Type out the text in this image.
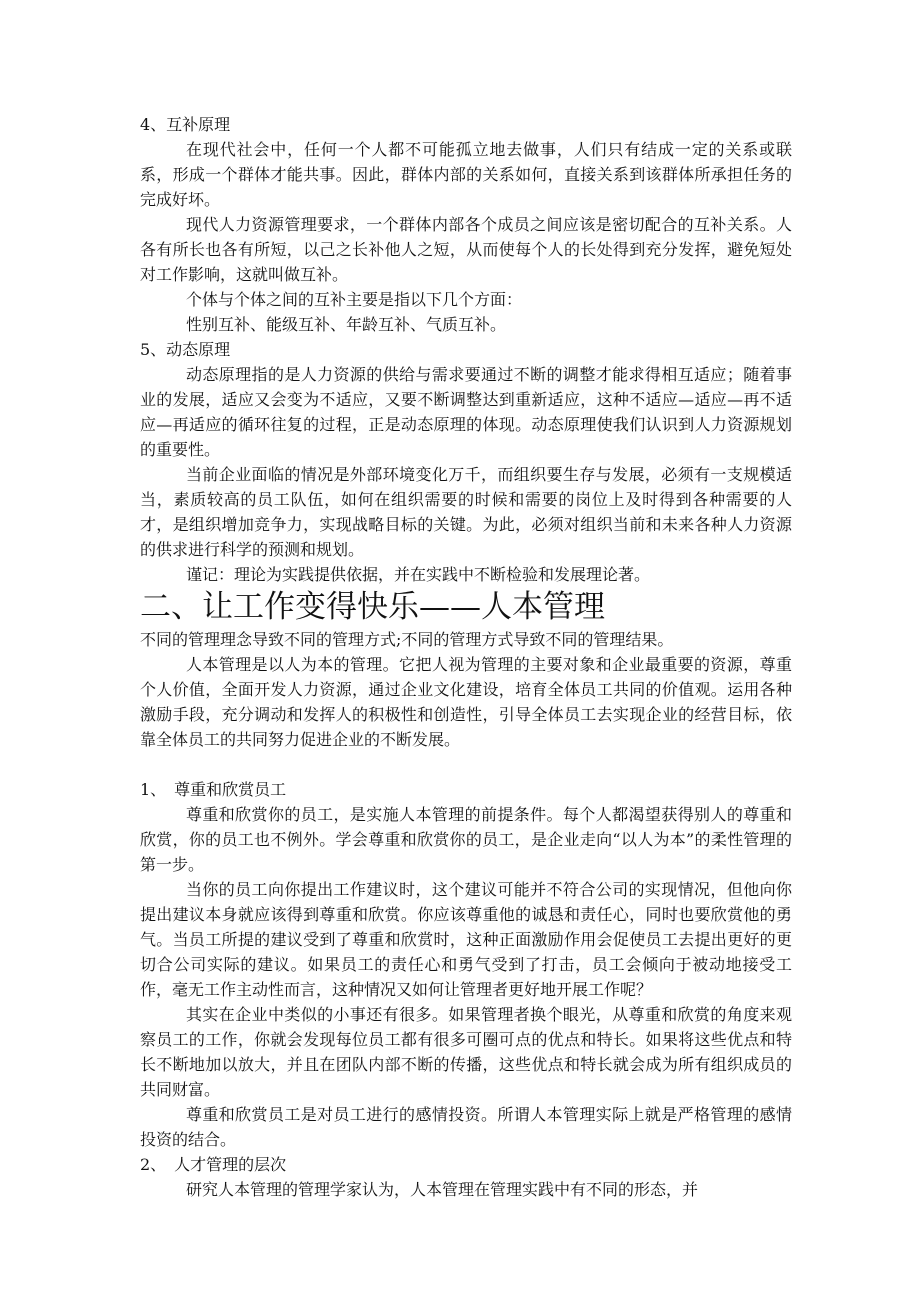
4、互补原理

在现代社会中，任何一个人都不可能孤立地去做事，人们只有结成一定的关系或联系，形成一个群体才能共事。因此，群体内部的关系如何，直接关系到该群体所承担任务的完成好坏。

现代人力资源管理要求，一个群体内部各个成员之间应该是密切配合的互补关系。人各有所长也各有所短，以己之长补他人之短，从而使每个人的长处得到充分发挥，避免短处对工作影响，这就叫做互补。

个体与个体之间的互补主要是指以下几个方面：

性别互补、能级互补、年龄互补、气质互补。

5、动态原理

动态原理指的是人力资源的供给与需求要通过不断的调整才能求得相互适应；随着事业的发展，适应又会变为不适应，又要不断调整达到重新适应，这种不适应—适应—再不适应—再适应的循环往复的过程，正是动态原理的体现。动态原理使我们认识到人力资源规划的重要性。

当前企业面临的情况是外部环境变化万千，而组织要生存与发展，必须有一支规模适当，素质较高的员工队伍，如何在组织需要的时候和需要的岗位上及时得到各种需要的人才，是组织增加竞争力，实现战略目标的关键。为此，必须对组织当前和未来各种人力资源的供求进行科学的预测和规划。

谨记：理论为实践提供依据，并在实践中不断检验和发展理论著。

二、让工作变得快乐——人本管理

不同的管理理念导致不同的管理方式;不同的管理方式导致不同的管理结果。

人本管理是以人为本的管理。它把人视为管理的主要对象和企业最重要的资源，尊重个人价值，全面开发人力资源，通过企业文化建设，培育全体员工共同的价值观。运用各种激励手段，充分调动和发挥人的积极性和创造性，引导全体员工去实现企业的经营目标，依靠全体员工的共同努力促进企业的不断发展。

1、　尊重和欣赏员工

尊重和欣赏你的员工，是实施人本管理的前提条件。每个人都渴望获得别人的尊重和欣赏，你的员工也不例外。学会尊重和欣赏你的员工，是企业走向“以人为本”的柔性管理的第一步。

当你的员工向你提出工作建议时，这个建议可能并不符合公司的实现情况，但他向你提出建议本身就应该得到尊重和欣赏。你应该尊重他的诚恳和责任心，同时也要欣赏他的勇气。当员工所提的建议受到了尊重和欣赏时，这种正面激励作用会促使员工去提出更好的更切合公司实际的建议。如果员工的责任心和勇气受到了打击，员工会倾向于被动地接受工作，毫无工作主动性而言，这种情况又如何让管理者更好地开展工作呢？

其实在企业中类似的小事还有很多。如果管理者换个眼光，从尊重和欣赏的角度来观察员工的工作，你就会发现每位员工都有很多可圈可点的优点和特长。如果将这些优点和特长不断地加以放大，并且在团队内部不断的传播，这些优点和特长就会成为所有组织成员的共同财富。

尊重和欣赏员工是对员工进行的感情投资。所谓人本管理实际上就是严格管理的感情投资的结合。

2、　人才管理的层次

研究人本管理的管理学家认为，人本管理在管理实践中有不同的形态，并
